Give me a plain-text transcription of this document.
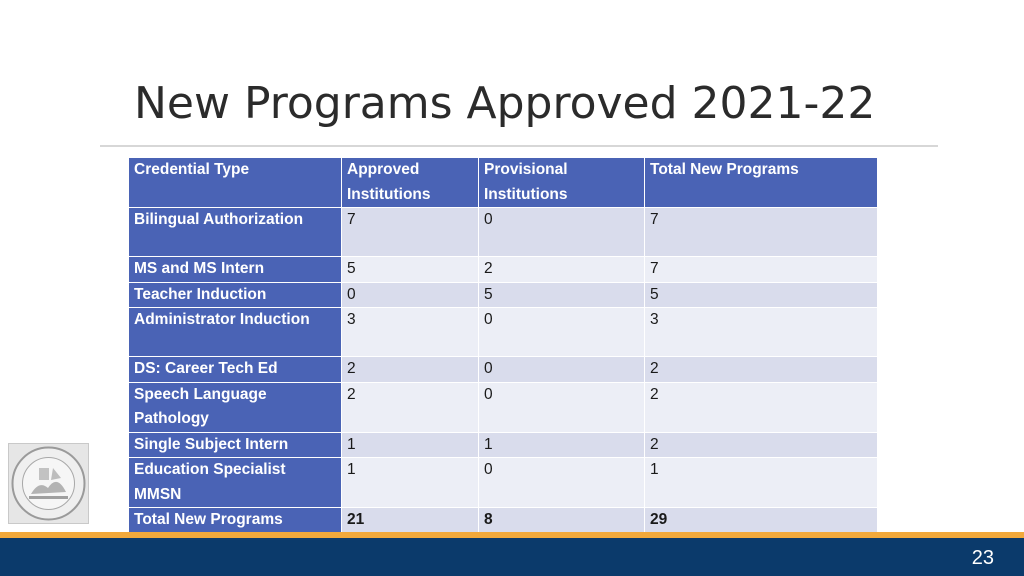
New Programs Approved 2021-22
Credential Type	Approved Institutions	Provisional Institutions	Total New Programs
Bilingual Authorization	7	0	7
MS and MS Intern	5	2	7
Teacher Induction	0	5	5
Administrator Induction	3	0	3
DS: Career Tech Ed	2	0	2
Speech Language Pathology	2	0	2
Single Subject Intern	1	1	2
Education Specialist MMSN	1	0	1
Total New Programs	21	8	29
23
